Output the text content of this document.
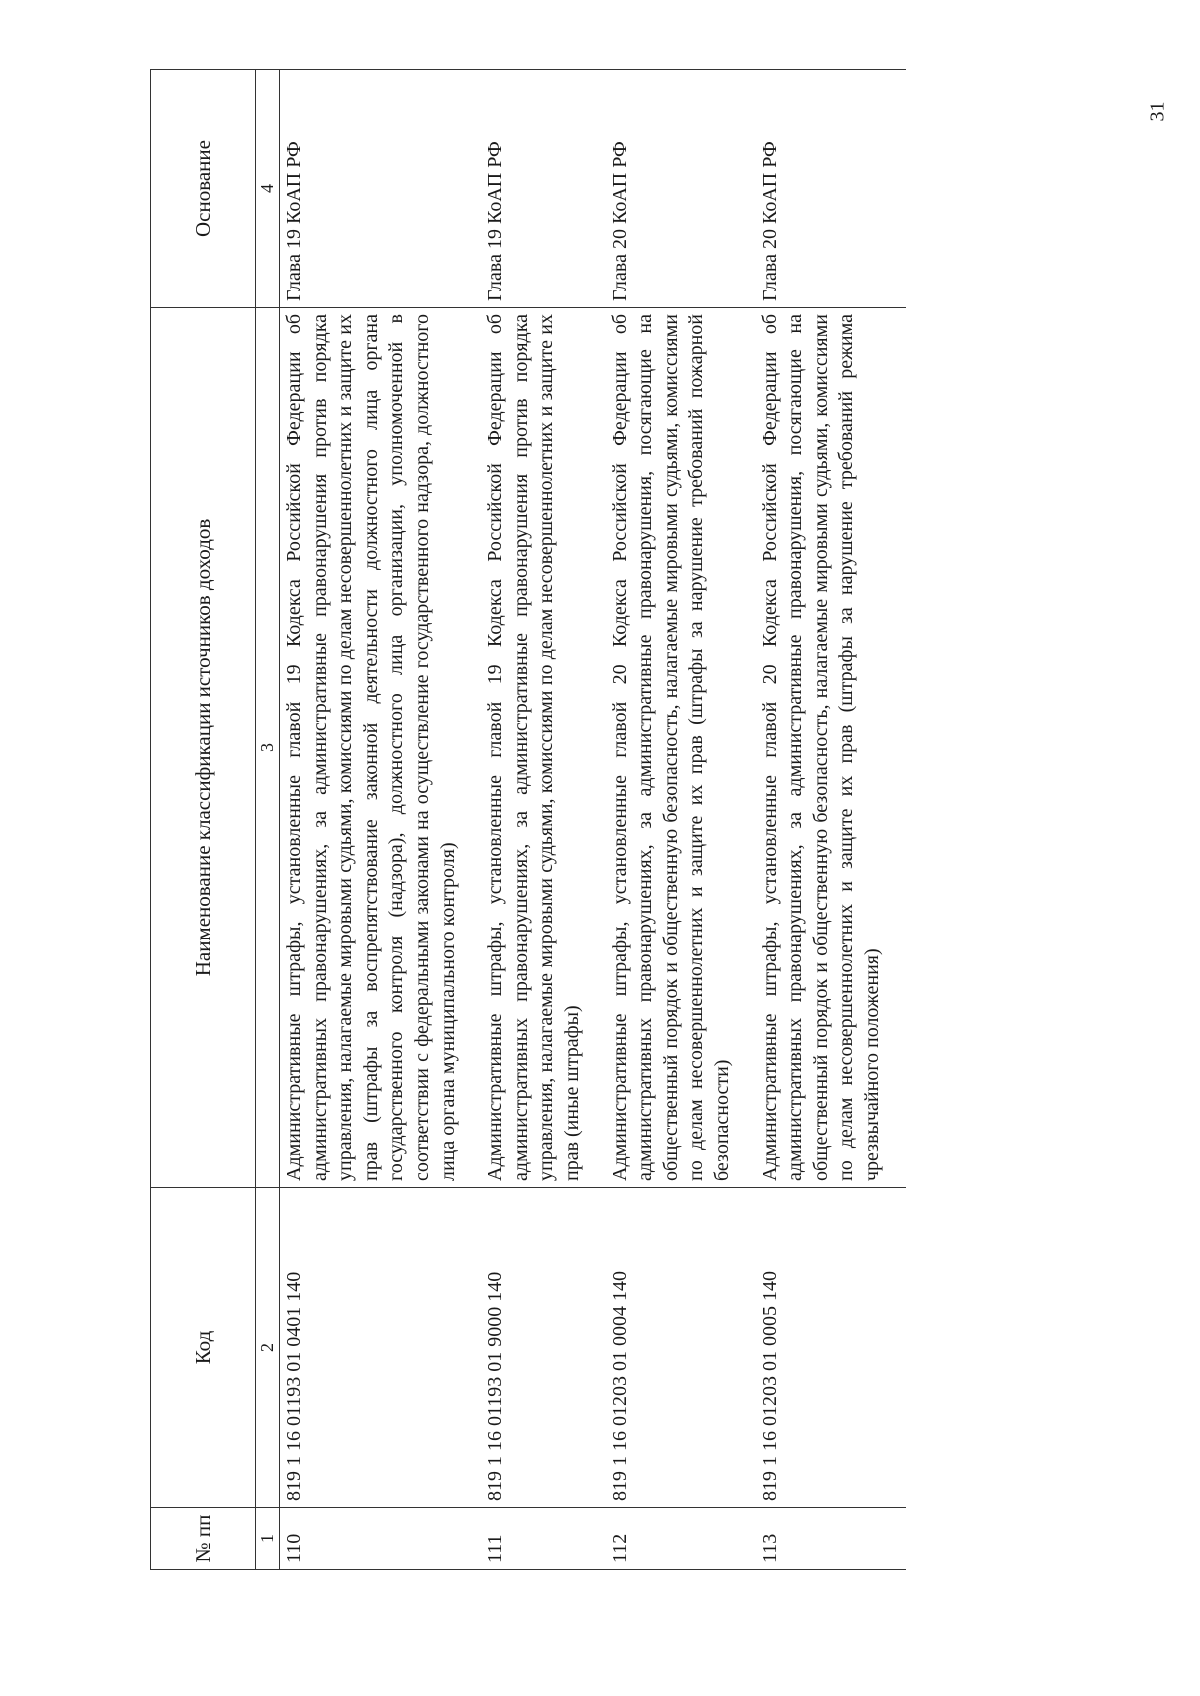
31
№ пп	Код	Наименование классификации источников доходов	Основание
1	2	3	4
110	819 1 16 01193 01 0401 140	Административные штрафы, установленные главой 19 Кодекса Российской Федерации об административных правонарушениях, за административные правонарушения против порядка управления, налагаемые мировыми судьями, комиссиями по делам несовершеннолетних и защите их прав (штрафы за воспрепятствование законной деятельности должностного лица органа государственного контроля (надзора), должностного лица организации, уполномоченной в соответствии с федеральными законами на осуществление государственного надзора, должностного лица органа муниципального контроля)	Глава 19 КоАП РФ
111	819 1 16 01193 01 9000 140	Административные штрафы, установленные главой 19 Кодекса Российской Федерации об административных правонарушениях, за административные правонарушения против порядка управления, налагаемые мировыми судьями, комиссиями по делам несовершеннолетних и защите их прав (иные штрафы)	Глава 19 КоАП РФ
112	819 1 16 01203 01 0004 140	Административные штрафы, установленные главой 20 Кодекса Российской Федерации об административных правонарушениях, за административные правонарушения, посягающие на общественный порядок и общественную безопасность, налагаемые мировыми судьями, комиссиями по делам несовершеннолетних и защите их прав (штрафы за нарушение требований пожарной безопасности)	Глава 20 КоАП РФ
113	819 1 16 01203 01 0005 140	Административные штрафы, установленные главой 20 Кодекса Российской Федерации об административных правонарушениях, за административные правонарушения, посягающие на общественный порядок и общественную безопасность, налагаемые мировыми судьями, комиссиями по делам несовершеннолетних и защите их прав (штрафы за нарушение требований режима чрезвычайного положения)	Глава 20 КоАП РФ
